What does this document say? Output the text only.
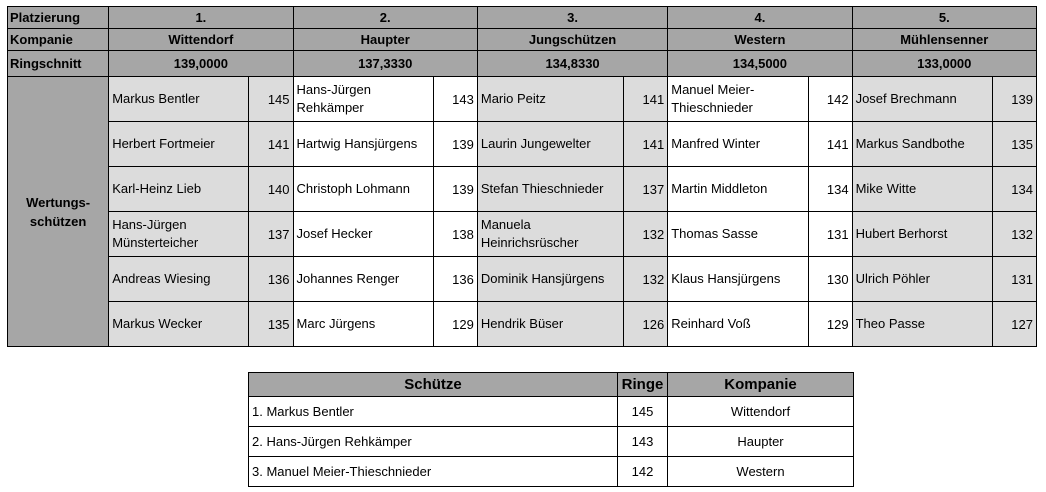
Platzierung	1.		2.		3.		4.		5.	
Kompanie	Wittendorf		Haupter		Jungschützen		Western		Mühlensenner	
Ringschnitt	139,0000		137,3330		134,8330		134,5000		133,0000	

Wertungs-
schützen	Markus Bentler	145	Hans-Jürgen Rehkämper	143	Mario Peitz	141	Manuel Meier-Thieschnieder	142	Josef Brechmann	139
	Herbert Fortmeier	141	Hartwig Hansjürgens	139	Laurin Jungewelter	141	Manfred Winter	141	Markus Sandbothe	135
	Karl-Heinz Lieb	140	Christoph Lohmann	139	Stefan Thieschnieder	137	Martin Middleton	134	Mike Witte	134
	Hans-Jürgen Münsterteicher	137	Josef Hecker	138	Manuela Heinrichsrüscher	132	Thomas Sasse	131	Hubert Berhorst	132
	Andreas Wiesing	136	Johannes Renger	136	Dominik Hansjürgens	132	Klaus Hansjürgens	130	Ulrich Pöhler	131
	Markus Wecker	135	Marc Jürgens	129	Hendrik Büser	126	Reinhard Voß	129	Theo Passe	127
Schütze	Ringe	Kompanie
1. Markus Bentler	145	Wittendorf
2. Hans-Jürgen Rehkämper	143	Haupter
3. Manuel Meier-Thieschnieder	142	Western
